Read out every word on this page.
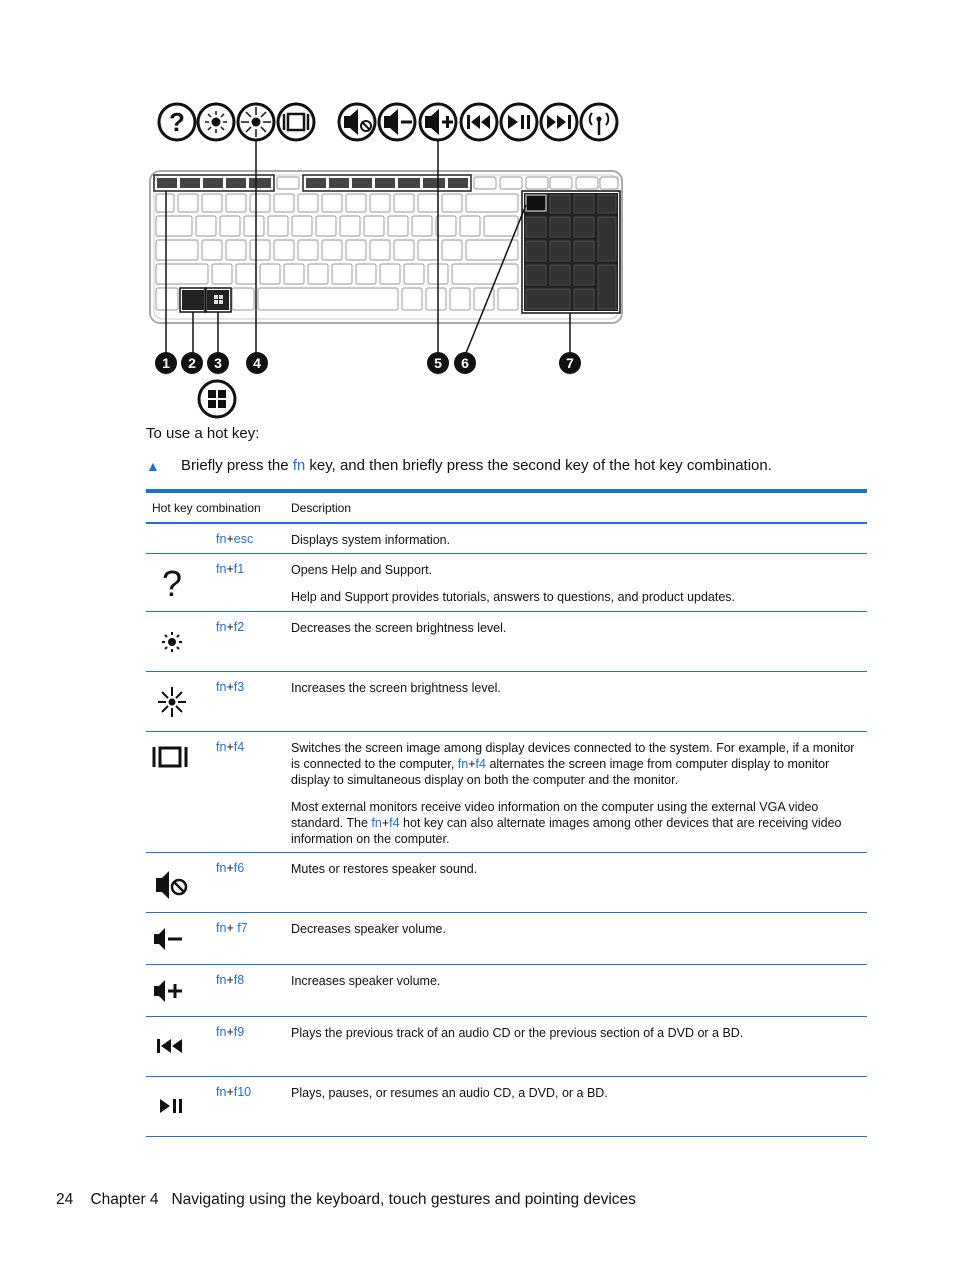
?
1 2 3 4	5 6	7
To use a hot key:
▲	Briefly press the fn key, and then briefly press the second key of the hot key combination.
Hot key combination	Description
fn+esc	Displays system information.

?	fn+f1	Opens Help and Support.

Help and Support provides tutorials, answers to questions, and product updates.

fn+f2	Decreases the screen brightness level.

fn+f3	Increases the screen brightness level.

fn+f4	Switches the screen image among display devices connected to the system. For example, if a monitor is connected to the computer, fn+f4 alternates the screen image from computer display to monitor display to simultaneous display on both the computer and the monitor.

Most external monitors receive video information on the computer using the external VGA video standard. The fn+f4 hot key can also alternate images among other devices that are receiving video information on the computer.

fn+f6	Mutes or restores speaker sound.

fn+ f7	Decreases speaker volume.

fn+f8	Increases speaker volume.

fn+f9	Plays the previous track of an audio CD or the previous section of a DVD or a BD.

fn+f10	Plays, pauses, or resumes an audio CD, a DVD, or a BD.

24 Chapter 4 Navigating using the keyboard, touch gestures and pointing devices
